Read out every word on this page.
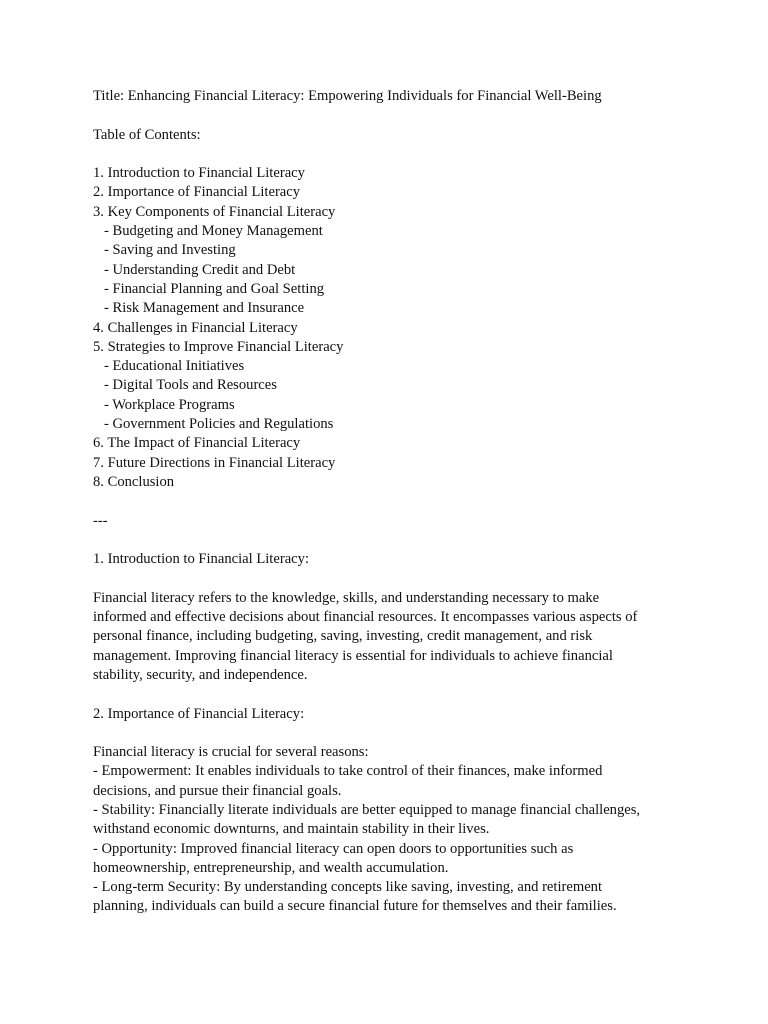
Title: Enhancing Financial Literacy: Empowering Individuals for Financial Well-Being
Table of Contents:
1. Introduction to Financial Literacy
2. Importance of Financial Literacy
3. Key Components of Financial Literacy
- Budgeting and Money Management
- Saving and Investing
- Understanding Credit and Debt
- Financial Planning and Goal Setting
- Risk Management and Insurance
4. Challenges in Financial Literacy
5. Strategies to Improve Financial Literacy
- Educational Initiatives
- Digital Tools and Resources
- Workplace Programs
- Government Policies and Regulations
6. The Impact of Financial Literacy
7. Future Directions in Financial Literacy
8. Conclusion
---
1. Introduction to Financial Literacy:
Financial literacy refers to the knowledge, skills, and understanding necessary to make
informed and effective decisions about financial resources. It encompasses various aspects of
personal finance, including budgeting, saving, investing, credit management, and risk
management. Improving financial literacy is essential for individuals to achieve financial
stability, security, and independence.
2. Importance of Financial Literacy:
Financial literacy is crucial for several reasons:
- Empowerment: It enables individuals to take control of their finances, make informed
decisions, and pursue their financial goals.
- Stability: Financially literate individuals are better equipped to manage financial challenges,
withstand economic downturns, and maintain stability in their lives.
- Opportunity: Improved financial literacy can open doors to opportunities such as
homeownership, entrepreneurship, and wealth accumulation.
- Long-term Security: By understanding concepts like saving, investing, and retirement
planning, individuals can build a secure financial future for themselves and their families.
